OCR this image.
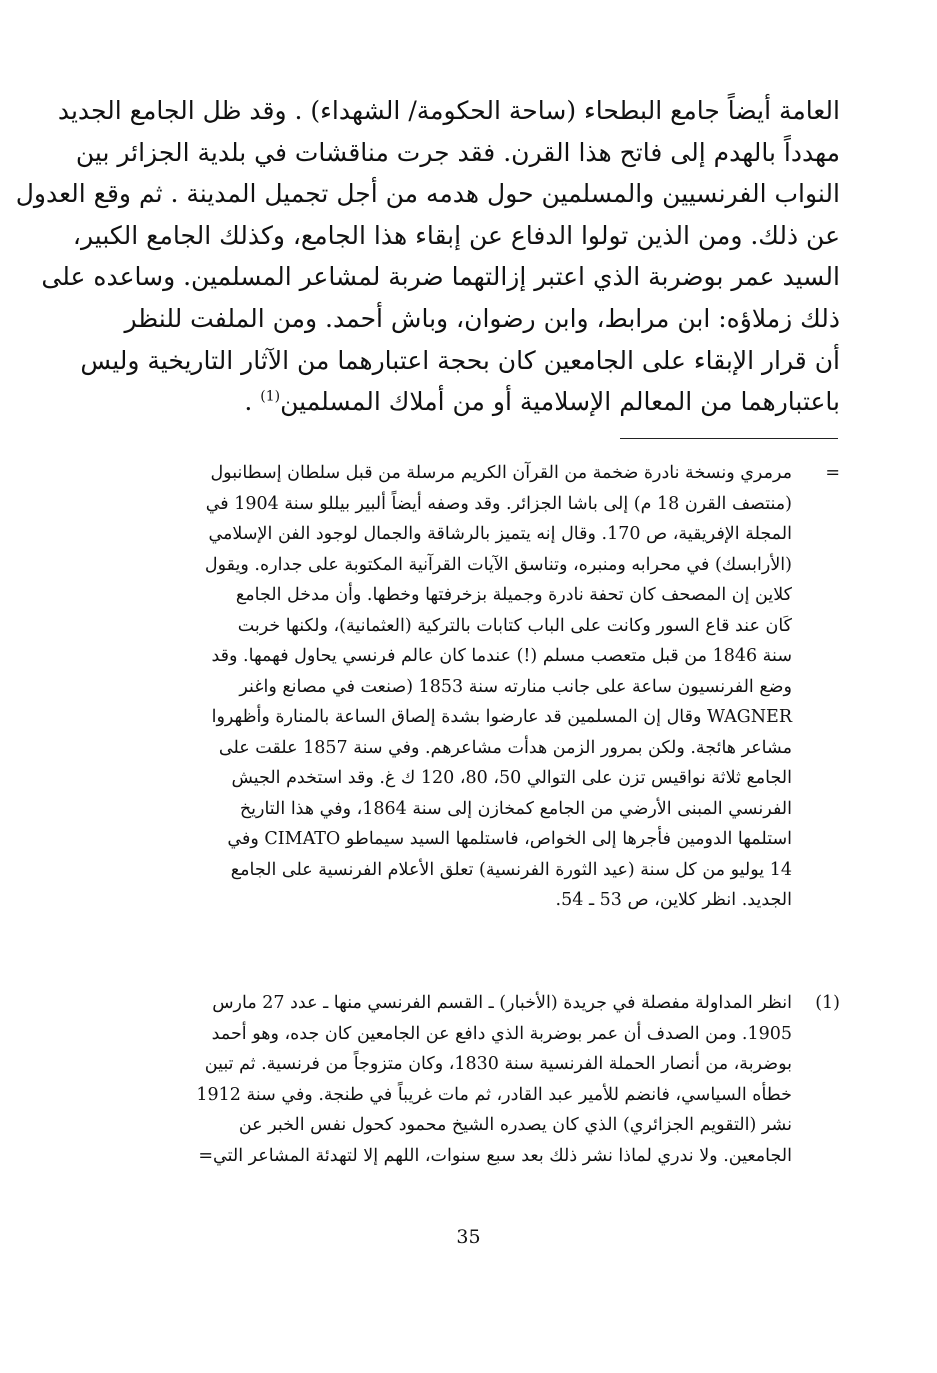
العامة أيضاً جامع البطحاء (ساحة الحكومة/ الشهداء) . وقد ظل الجامع الجديد
مهدداً بالهدم إلى فاتح هذا القرن. فقد جرت مناقشات في بلدية الجزائر بين
النواب الفرنسيين والمسلمين حول هدمه من أجل تجميل المدينة . ثم وقع العدول
عن ذلك. ومن الذين تولوا الدفاع عن إبقاء هذا الجامع، وكذلك الجامع الكبير،
السيد عمر بوضربة الذي اعتبر إزالتهما ضربة لمشاعر المسلمين. وساعده على
ذلك زملاؤه: ابن مرابط، وابن رضوان، وباش أحمد. ومن الملفت للنظر
أن قرار الإبقاء على الجامعين كان بحجة اعتبارهما من الآثار التاريخية وليس
باعتبارهما من المعالم الإسلامية أو من أملاك المسلمين$^{(1)}$ .
=
مرمري ونسخة نادرة ضخمة من القرآن الكريم مرسلة من قبل سلطان إسطانبول
(منتصف القرن 18 م) إلى باشا الجزائر. وقد وصفه أيضاً ألبير بيللو سنة 1904 في
المجلة الإفريقية، ص 170. وقال إنه يتميز بالرشاقة والجمال لوجود الفن الإسلامي
(الأرابسك) في محرابه ومنبره، وتناسق الآيات القرآنية المكتوبة على جداره. ويقول
كلاين إن المصحف كان تحفة نادرة وجميلة بزخرفتها وخطها. وأن مدخل الجامع
كَان عند قاع السور وكانت على الباب كتابات بالتركية (العثمانية)، ولكنها خربت
سنة 1846 من قبل متعصب مسلم (!) عندما كان عالم فرنسي يحاول فهمها. وقد
وضع الفرنسيون ساعة على جانب منارته سنة 1853 (صنعت في مصانع واغنر
WAGNER وقال إن المسلمين قد عارضوا بشدة إلصاق الساعة بالمنارة وأظهروا
مشاعر هائجة. ولكن بمرور الزمن هدأت مشاعرهم. وفي سنة 1857 علقت على
الجامع ثلاثة نواقيس تزن على التوالي 50، 80، 120 ك غ. وقد استخدم الجيش
الفرنسي المبنى الأرضي من الجامع كمخازن إلى سنة 1864، وفي هذا التاريخ
استلمها الدومين فأجرها إلى الخواص، فاستلمها السيد سيماطو CIMATO وفي
14 يوليو من كل سنة (عيد الثورة الفرنسية) تعلق الأعلام الفرنسية على الجامع
الجديد. انظر كلاين، ص 53 ـ 54.
(1)
انظر المداولة مفصلة في جريدة (الأخبار) ـ القسم الفرنسي منها ـ عدد 27 مارس
1905. ومن الصدف أن عمر بوضربة الذي دافع عن الجامعين كان جده، وهو أحمد
بوضربة، من أنصار الحملة الفرنسية سنة 1830، وكان متزوجاً من فرنسية. ثم تبين
خطأه السياسي، فانضم للأمير عبد القادر، ثم مات غريباً في طنجة. وفي سنة 1912
نشر (التقويم الجزائري) الذي كان يصدره الشيخ محمود كحول نفس الخبر عن
الجامعين. ولا ندري لماذا نشر ذلك بعد سبع سنوات، اللهم إلا لتهدئة المشاعر التي=
35
